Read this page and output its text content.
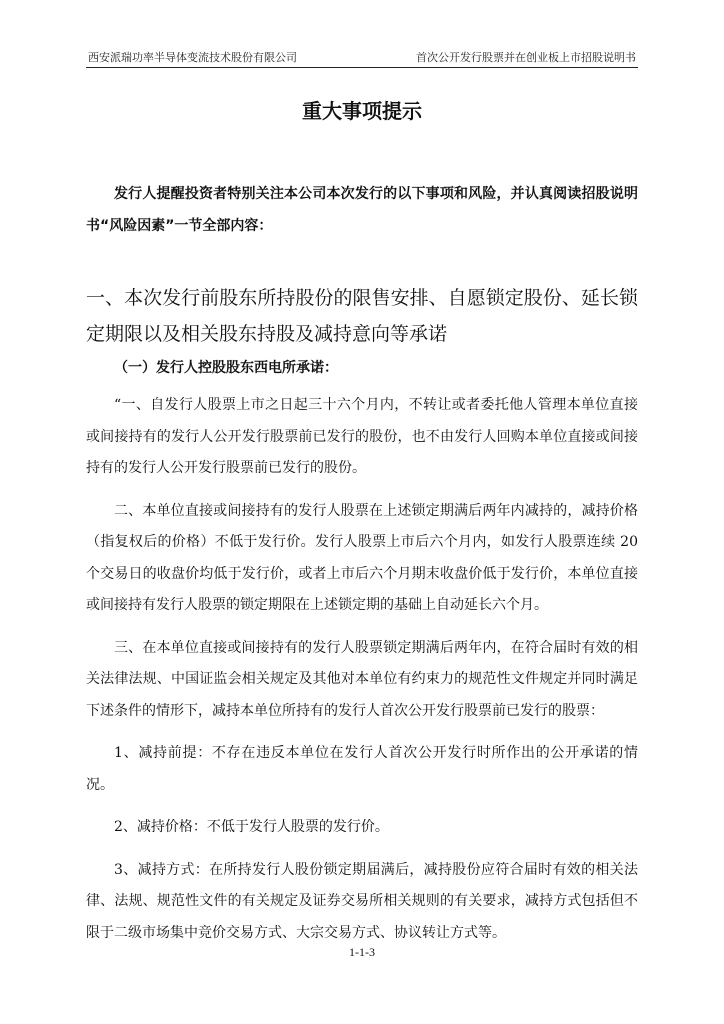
西安派瑞功率半导体变流技术股份有限公司	首次公开发行股票并在创业板上市招股说明书
重大事项提示
发行人提醒投资者特别关注本公司本次发行的以下事项和风险，并认真阅读招股说明书“风险因素”一节全部内容：
一、本次发行前股东所持股份的限售安排、自愿锁定股份、延长锁定期限以及相关股东持股及减持意向等承诺
（一）发行人控股股东西电所承诺：

“一、自发行人股票上市之日起三十六个月内，不转让或者委托他人管理本单位直接或间接持有的发行人公开发行股票前已发行的股份，也不由发行人回购本单位直接或间接持有的发行人公开发行股票前已发行的股份。

二、本单位直接或间接持有的发行人股票在上述锁定期满后两年内减持的，减持价格（指复权后的价格）不低于发行价。发行人股票上市后六个月内，如发行人股票连续 20 个交易日的收盘价均低于发行价，或者上市后六个月期末收盘价低于发行价，本单位直接或间接持有发行人股票的锁定期限在上述锁定期的基础上自动延长六个月。

三、在本单位直接或间接持有的发行人股票锁定期满后两年内，在符合届时有效的相关法律法规、中国证监会相关规定及其他对本单位有约束力的规范性文件规定并同时满足下述条件的情形下，减持本单位所持有的发行人首次公开发行股票前已发行的股票：

1、减持前提：不存在违反本单位在发行人首次公开发行时所作出的公开承诺的情况。

2、减持价格：不低于发行人股票的发行价。

3、减持方式：在所持发行人股份锁定期届满后，减持股份应符合届时有效的相关法律、法规、规范性文件的有关规定及证券交易所相关规则的有关要求，减持方式包括但不限于二级市场集中竞价交易方式、大宗交易方式、协议转让方式等。

1-1-3
